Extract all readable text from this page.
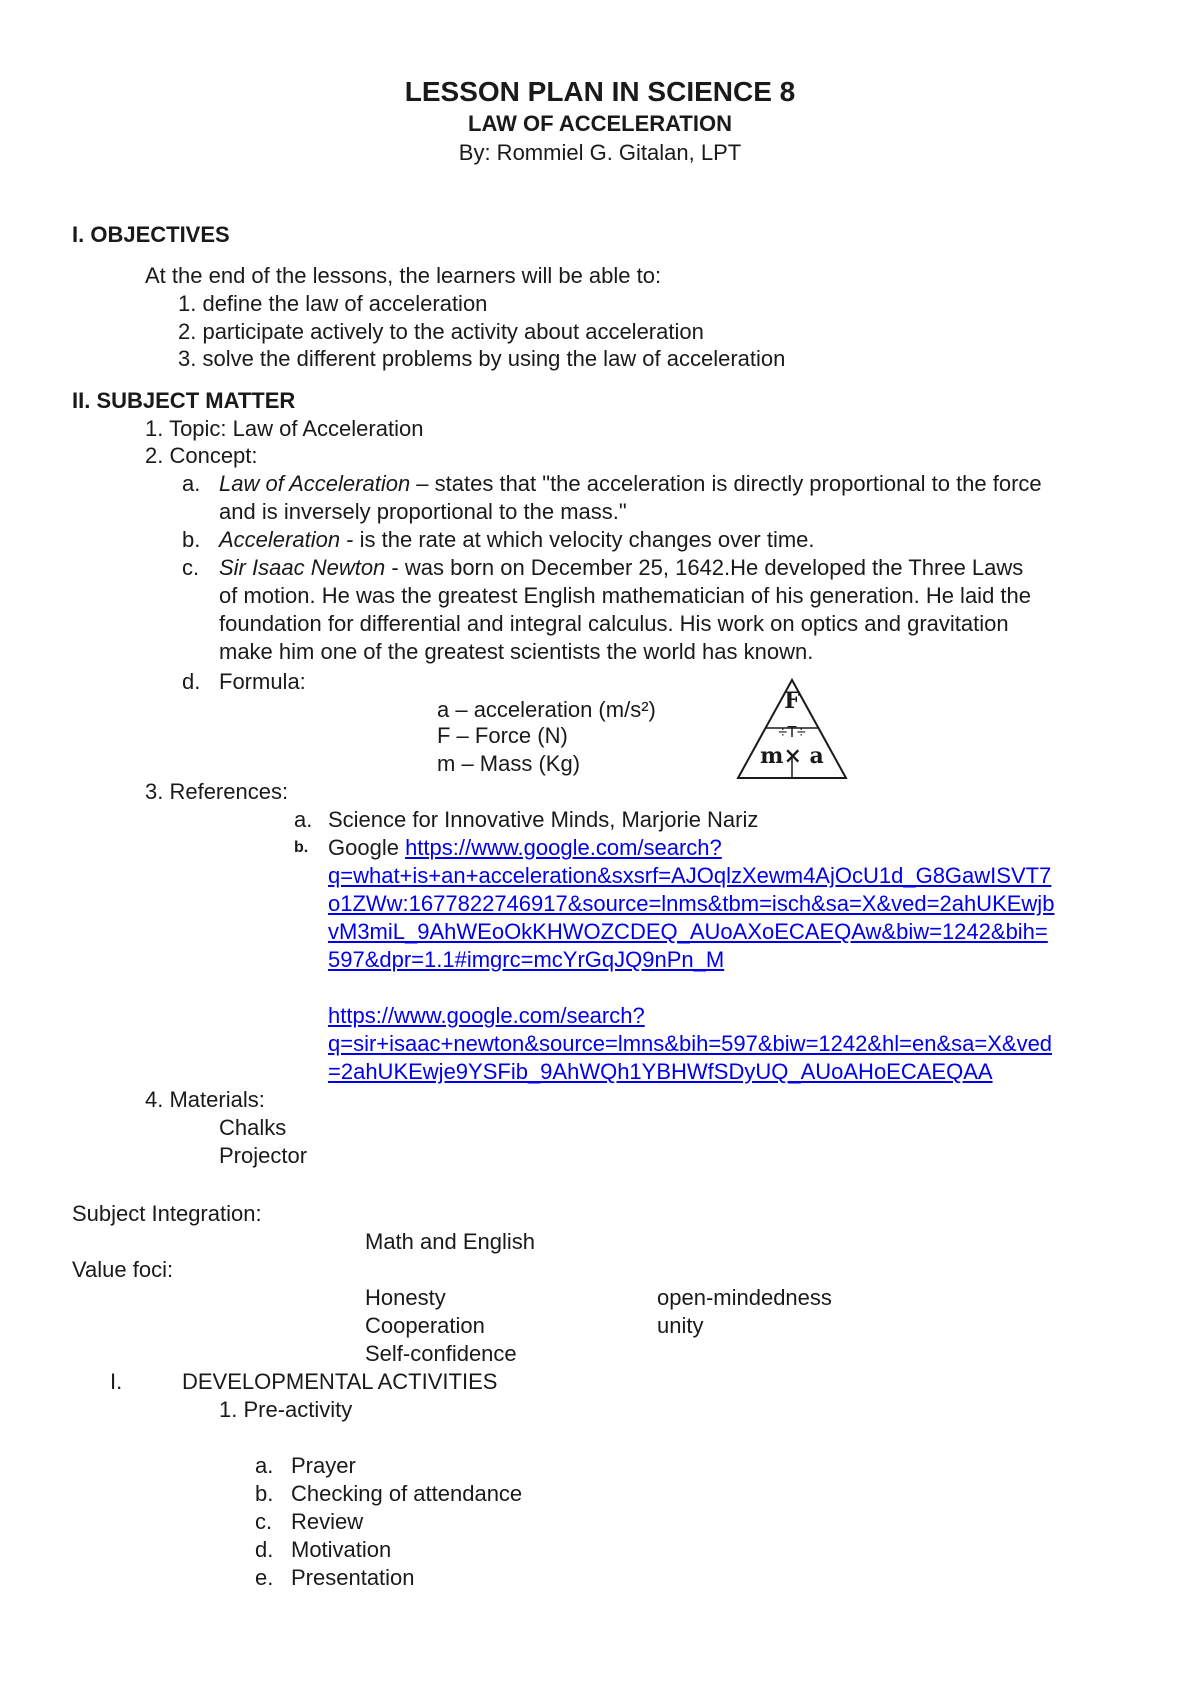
LESSON PLAN IN SCIENCE 8
LAW OF ACCELERATION
By: Rommiel G. Gitalan, LPT
I. OBJECTIVES
At the end of the lessons, the learners will be able to:
1. define the law of acceleration
2. participate actively to the activity about acceleration
3. solve the different problems by using the law of acceleration
II. SUBJECT MATTER
1. Topic: Law of Acceleration
2. Concept:
a. Law of Acceleration – states that "the acceleration is directly proportional to the force
and is inversely proportional to the mass."
b. Acceleration - is the rate at which velocity changes over time.
c. Sir Isaac Newton - was born on December 25, 1642.He developed the Three Laws
of motion. He was the greatest English mathematician of his generation. He laid the
foundation for differential and integral calculus. His work on optics and gravitation
make him one of the greatest scientists the world has known.
d. Formula:
a – acceleration (m/s²)
F – Force (N)
m – Mass (Kg)
F
÷T÷
m× a
3. References:
a. Science for Innovative Minds, Marjorie Nariz
b. Google https://www.google.com/search?
q=what+is+an+acceleration&sxsrf=AJOqlzXewm4AjOcU1d_G8GawISVT7
o1ZWw:1677822746917&source=lnms&tbm=isch&sa=X&ved=2ahUKEwjb
vM3miL_9AhWEoOkKHWOZCDEQ_AUoAXoECAEQAw&biw=1242&bih=
597&dpr=1.1#imgrc=mcYrGqJQ9nPn_M
https://www.google.com/search?
q=sir+isaac+newton&source=lmns&bih=597&biw=1242&hl=en&sa=X&ved
=2ahUKEwje9YSFib_9AhWQh1YBHWfSDyUQ_AUoAHoECAEQAA
4. Materials:
Chalks
Projector
Subject Integration:
Math and English
Value foci:
Honesty
Cooperation
Self-confidence
open-mindedness
unity
I.	DEVELOPMENTAL ACTIVITIES
1. Pre-activity
a. Prayer
b. Checking of attendance
c. Review
d. Motivation
e. Presentation
